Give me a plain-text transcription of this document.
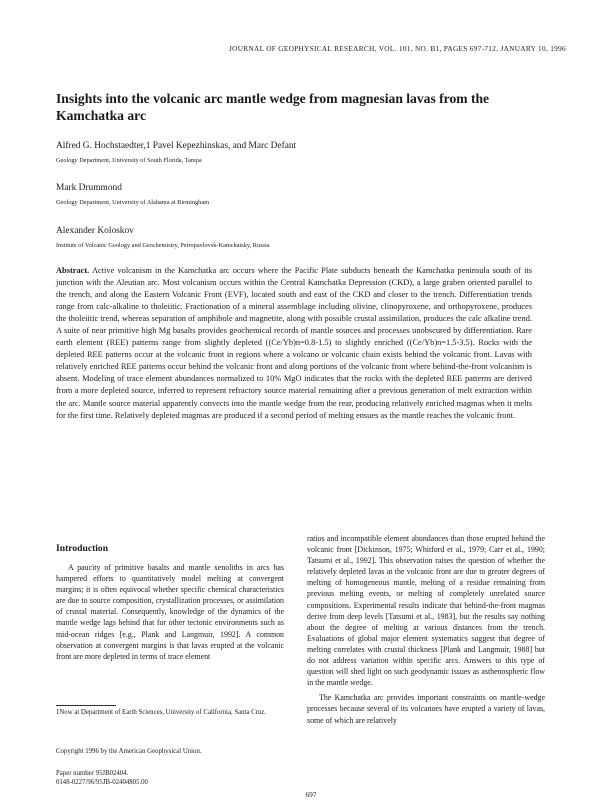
JOURNAL OF GEOPHYSICAL RESEARCH, VOL. 101, NO. B1, PAGES 697-712, JANUARY 10, 1996
Insights into the volcanic arc mantle wedge from magnesian lavas from the Kamchatka arc
Alfred G. Hochstaedter,1 Pavel Kepezhinskas, and Marc Defant
Geology Department, University of South Florida, Tampa
Mark Drummond
Geology Department, University of Alabama at Birmingham
Alexander Koloskov
Institute of Volcanic Geology and Geochemistry, Petropavlovsk-Kamchatsky, Russia

Abstract. Active volcanism in the Kamchatka arc occurs where the Pacific Plate subducts beneath the Kamchatka peninsula south of its junction with the Aleutian arc. Most volcanism occurs within the Central Kamchatka Depression (CKD), a large graben oriented parallel to the trench, and along the Eastern Volcanic Front (EVF), located south and east of the CKD and closer to the trench. Differentiation trends range from calc-alkaline to tholeiitic. Fractionation of a mineral assemblage including olivine, clinopyroxene, and orthopyroxene, produces the tholeiitic trend, whereas separation of amphibole and magnetite, along with possible crustal assimilation, produces the calc alkaline trend. A suite of near primitive high Mg basalts provides geochemical records of mantle sources and processes unobscured by differentiation. Rare earth element (REE) patterns range from slightly depleted ((Ce/Yb)n=0.8-1.5) to slightly enriched ((Ce/Yb)n=1.5-3.5). Rocks with the depleted REE patterns occur at the volcanic front in regions where a volcano or volcanic chain exists behind the volcanic front. Lavas with relatively enriched REE patterns occur behind the volcanic front and along portions of the volcanic front where behind-the-front volcanism is absent. Modeling of trace element abundances normalized to 10% MgO indicates that the rocks with the depleted REE patterns are derived from a more depleted source, inferred to represent refractory source material remaining after a previous generation of melt extraction within the arc. Mantle source material apparently convects into the mantle wedge from the rear, producing relatively enriched magmas when it melts for the first time. Relatively depleted magmas are produced if a second period of melting ensues as the mantle reaches the volcanic front.

Introduction

A paucity of primitive basalts and mantle xenoliths in arcs has hampered efforts to quantitatively model melting at convergent margins; it is often equivocal whether specific chemical characteristics are due to source composition, crystallization processes, or assimilation of crustal material. Consequently, knowledge of the dynamics of the mantle wedge lags behind that for other tectonic environments such as mid-ocean ridges [e.g., Plank and Langmuir, 1992]. A common observation at convergent margins is that lavas erupted at the volcanic front are more depleted in terms of trace element

ratios and incompatible element abundances than those erupted behind the volcanic front [Dickinson, 1975; Whitford et al., 1979; Carr et al., 1990; Tatsumi et al., 1992]. This observation raises the question of whether the relatively depleted lavas at the volcanic front are due to greater degrees of melting of homogeneous mantle, melting of a residue remaining from previous melting events, or melting of completely unrelated source compositions. Experimental results indicate that behind-the-front magmas derive from deep levels [Tatsumi et al., 1983], but the results say nothing about the degree of melting at various distances from the trench. Evaluations of global major element systematics suggest that degree of melting correlates with crustal thickness [Plank and Langmuir, 1988] but do not address variation within specific arcs. Answers to this type of question will shed light on such geodynamic issues as asthenospheric flow in the mantle wedge.

The Kamchatka arc provides important constraints on mantle-wedge processes because several of its volcanoes have erupted a variety of lavas, some of which are relatively

1Now at Department of Earth Sciences, University of California, Santa Cruz.

Copyright 1996 by the American Geophysical Union.
Paper number 95JB02404.
0148-0227/96/95JB-02404$05.00
697
